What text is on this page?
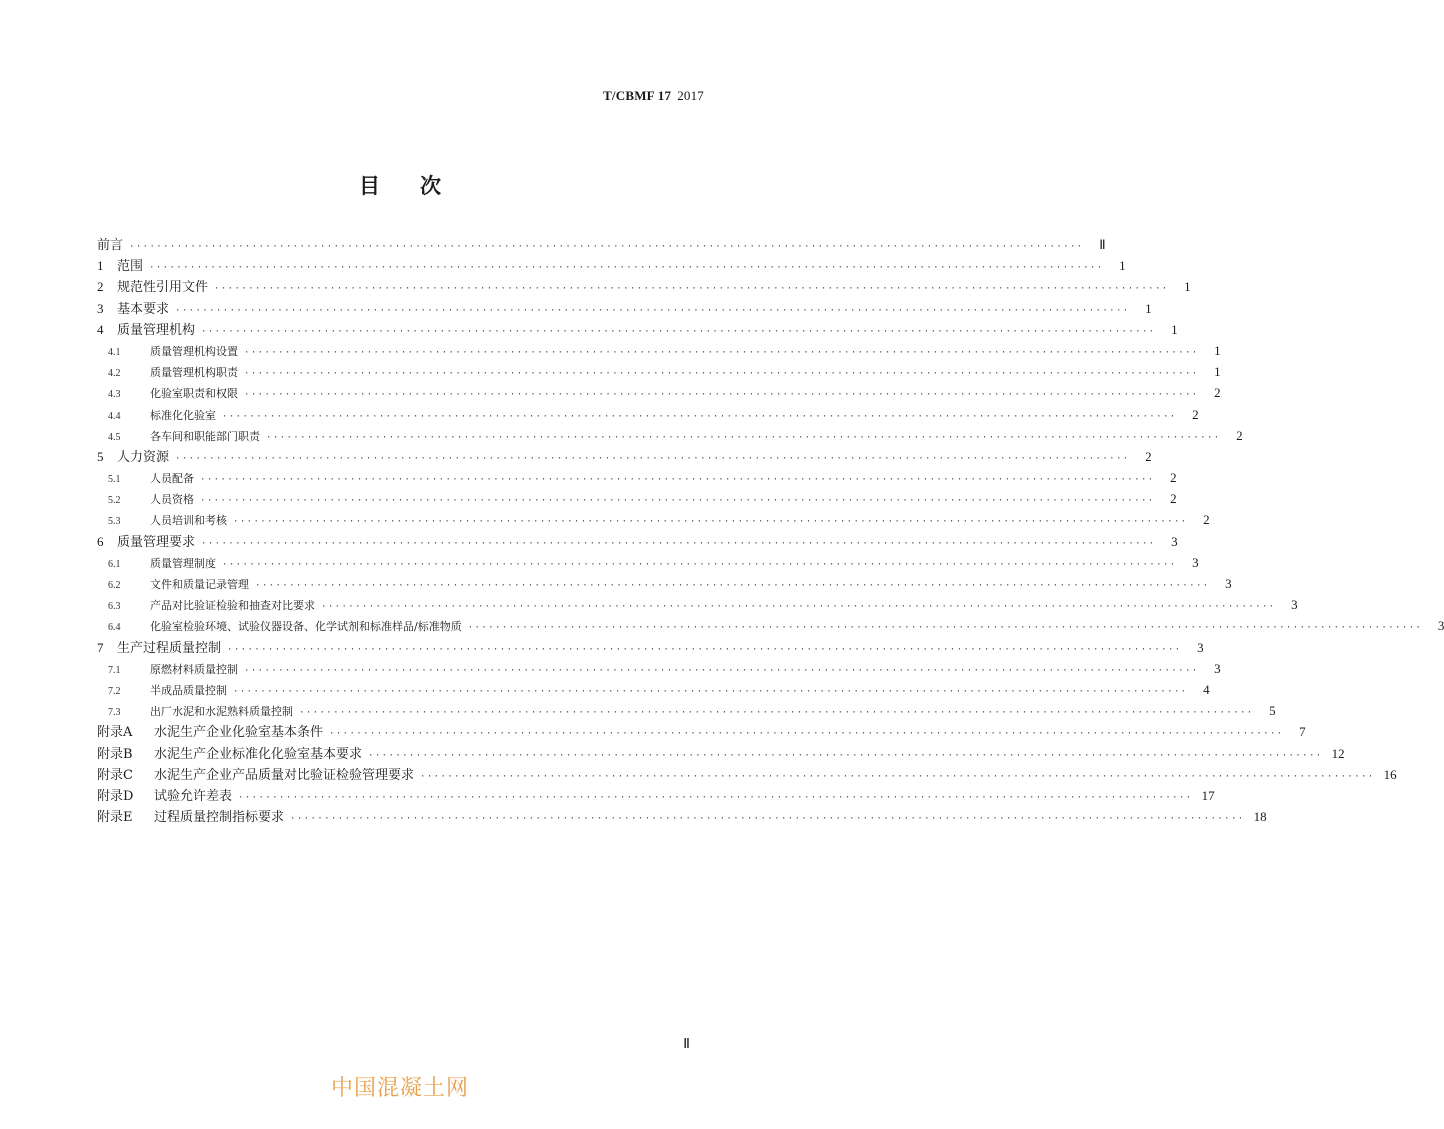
T/CBMF 17 2017
目次
前言 ············································································································································	Ⅱ
1	范围 ············································································································································	1
2	规范性引用文件 ············································································································································	1
3	基本要求 ············································································································································	1
4	质量管理机构 ············································································································································	1
4.1	质量管理机构设置 ············································································································································	1
4.2	质量管理机构职责 ············································································································································	1
4.3	化验室职责和权限 ············································································································································	2
4.4	标准化化验室 ············································································································································	2
4.5	各车间和职能部门职责 ············································································································································	2
5	人力资源 ············································································································································	2
5.1	人员配备 ············································································································································	2
5.2	人员资格 ············································································································································	2
5.3	人员培训和考核 ············································································································································	2
6	质量管理要求 ············································································································································	3
6.1	质量管理制度 ············································································································································	3
6.2	文件和质量记录管理 ············································································································································	3
6.3	产品对比验证检验和抽查对比要求 ············································································································································	3
6.4	化验室检验环境、试验仪器设备、化学试剂和标准样品/标准物质 ············································································································································	3
7	生产过程质量控制 ············································································································································	3
7.1	原燃材料质量控制 ············································································································································	3
7.2	半成品质量控制 ············································································································································	4
7.3	出厂水泥和水泥熟料质量控制 ············································································································································	5
附录A	水泥生产企业化验室基本条件 ············································································································································	7
附录B	水泥生产企业标准化化验室基本要求 ············································································································································ 12
附录C	水泥生产企业产品质量对比验证检验管理要求 ············································································································································ 16
附录D	试验允许差表 ············································································································································ 17
附录E	过程质量控制指标要求 ············································································································································ 18
Ⅱ
中国混凝土网
